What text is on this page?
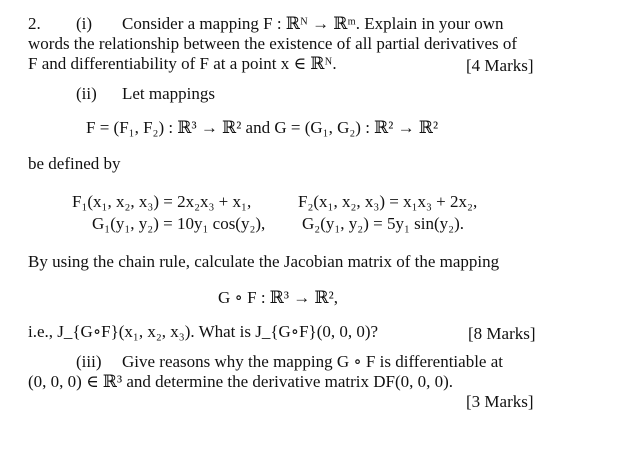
2. (i) Consider a mapping F : ℝᴺ → ℝᵐ. Explain in your own
words the relationship between the existence of all partial derivatives of
F and differentiability of F at a point x ∈ ℝᴺ.	[4 Marks]
(ii) Let mappings
F = (F₁, F₂) : ℝ³ → ℝ² and G = (G₁, G₂) : ℝ² → ℝ²
be defined by
F₁(x₁, x₂, x₃) = 2x₂x₃ + x₁,	F₂(x₁, x₂, x₃) = x₁x₃ + 2x₂,
G₁(y₁, y₂) = 10y₁ cos(y₂), G₂(y₁, y₂) = 5y₁ sin(y₂).
By using the chain rule, calculate the Jacobian matrix of the mapping
G ∘ F : ℝ³ → ℝ²,
i.e., J_{G∘F}(x₁, x₂, x₃). What is J_{G∘F}(0, 0, 0)?	[8 Marks]
(iii) Give reasons why the mapping G ∘ F is differentiable at
(0, 0, 0) ∈ ℝ³ and determine the derivative matrix DF(0, 0, 0).
[3 Marks]
